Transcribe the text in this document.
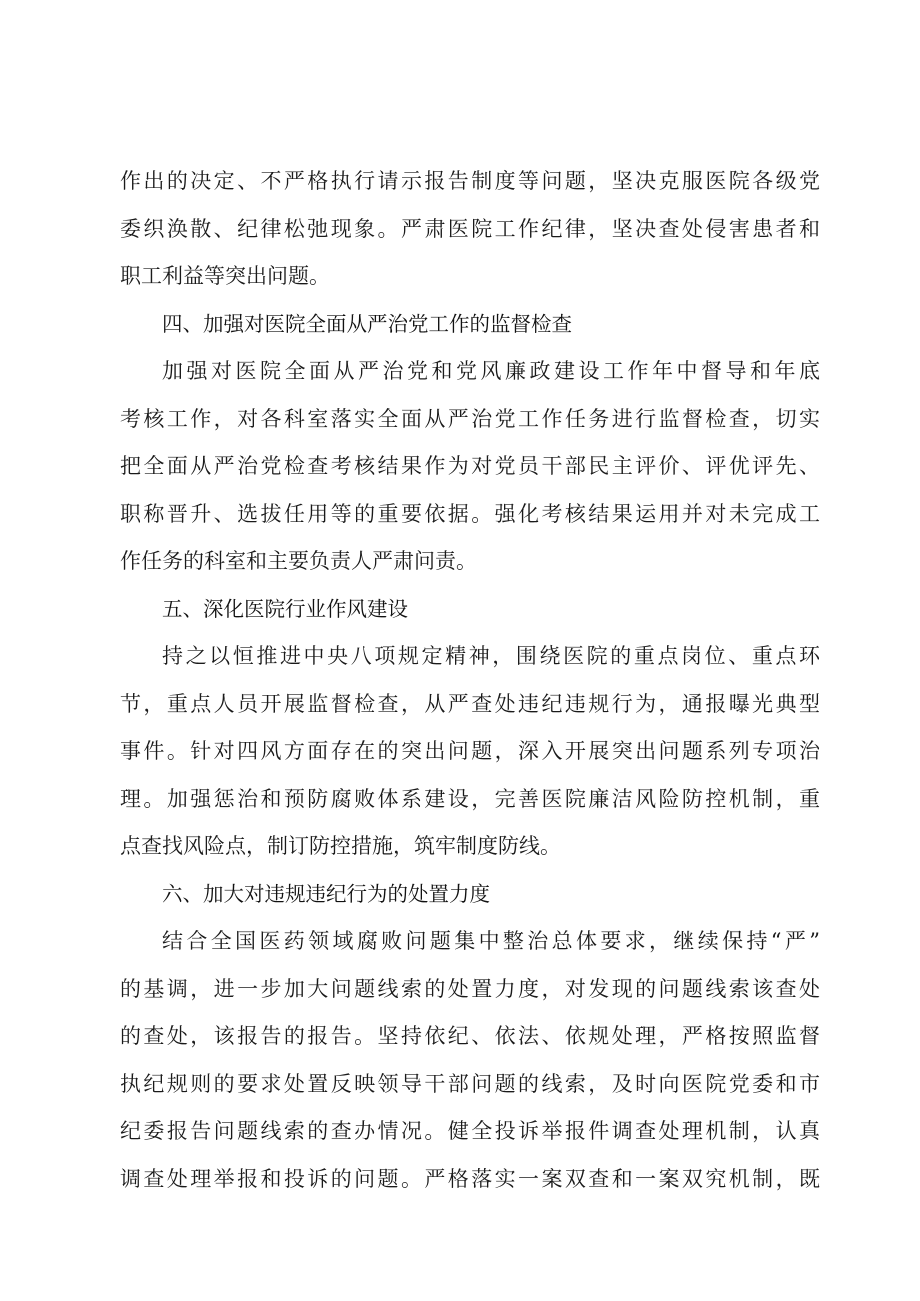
作出的决定、不严格执行请示报告制度等问题，坚决克服医院各级党
委织涣散、纪律松弛现象。严肃医院工作纪律，坚决查处侵害患者和
职工利益等突出问题。
四、加强对医院全面从严治党工作的监督检查
加强对医院全面从严治党和党风廉政建设工作年中督导和年底
考核工作，对各科室落实全面从严治党工作任务进行监督检查，切实
把全面从严治党检查考核结果作为对党员干部民主评价、评优评先、
职称晋升、选拔任用等的重要依据。强化考核结果运用并对未完成工
作任务的科室和主要负责人严肃问责。
五、深化医院行业作风建设
持之以恒推进中央八项规定精神，围绕医院的重点岗位、重点环
节，重点人员开展监督检查，从严查处违纪违规行为，通报曝光典型
事件。针对四风方面存在的突出问题，深入开展突出问题系列专项治
理。加强惩治和预防腐败体系建设，完善医院廉洁风险防控机制，重
点查找风险点，制订防控措施，筑牢制度防线。
六、加大对违规违纪行为的处置力度
结合全国医药领域腐败问题集中整治总体要求，继续保持“严”
的基调，进一步加大问题线索的处置力度，对发现的问题线索该查处
的查处，该报告的报告。坚持依纪、依法、依规处理，严格按照监督
执纪规则的要求处置反映领导干部问题的线索，及时向医院党委和市
纪委报告问题线索的查办情况。健全投诉举报件调查处理机制，认真
调查处理举报和投诉的问题。严格落实一案双查和一案双究机制，既
